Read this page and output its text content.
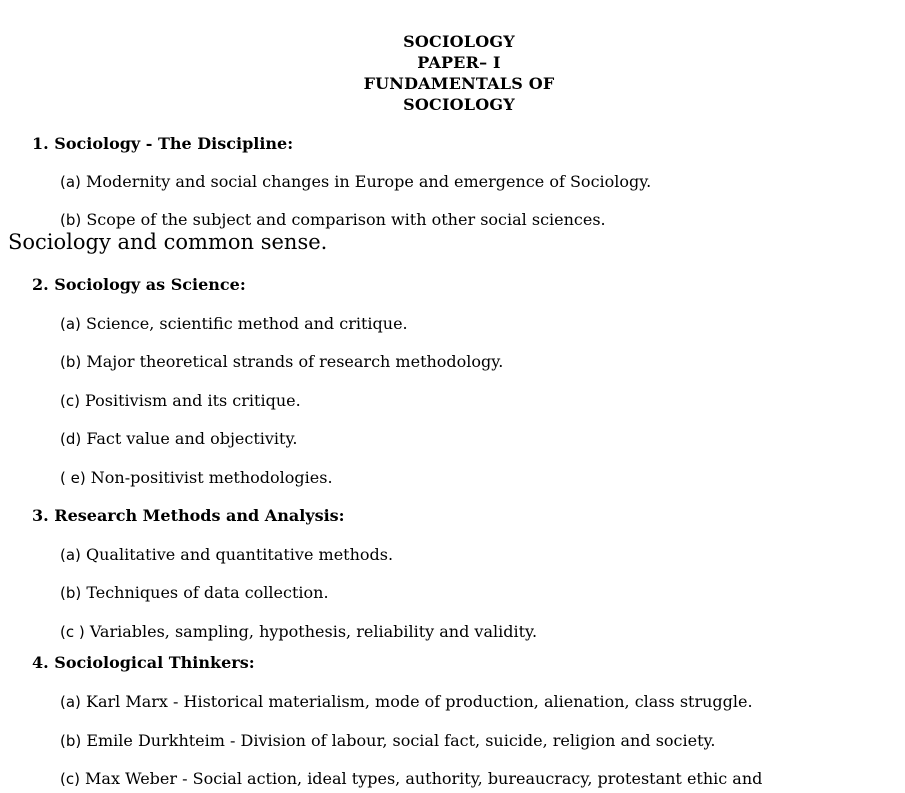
SOCIOLOGY
PAPER– I
FUNDAMENTALS OF
SOCIOLOGY
1. Sociology - The Discipline:
(a) Modernity and social changes in Europe and emergence of Sociology.
(b) Scope of the subject and comparison with other social sciences.
Sociology and common sense.
2. Sociology as Science:
(a) Science, scientific method and critique.
(b) Major theoretical strands of research methodology.
(c) Positivism and its critique.
(d) Fact value and objectivity.
( e) Non-positivist methodologies.
3. Research Methods and Analysis:
(a) Qualitative and quantitative methods.
(b) Techniques of data collection.
(c ) Variables, sampling, hypothesis, reliability and validity.
4. Sociological Thinkers:
(a) Karl Marx - Historical materialism, mode of production, alienation, class struggle.
(b) Emile Durkhteim - Division of labour, social fact, suicide, religion and society.
(c) Max Weber - Social action, ideal types, authority, bureaucracy, protestant ethic and
